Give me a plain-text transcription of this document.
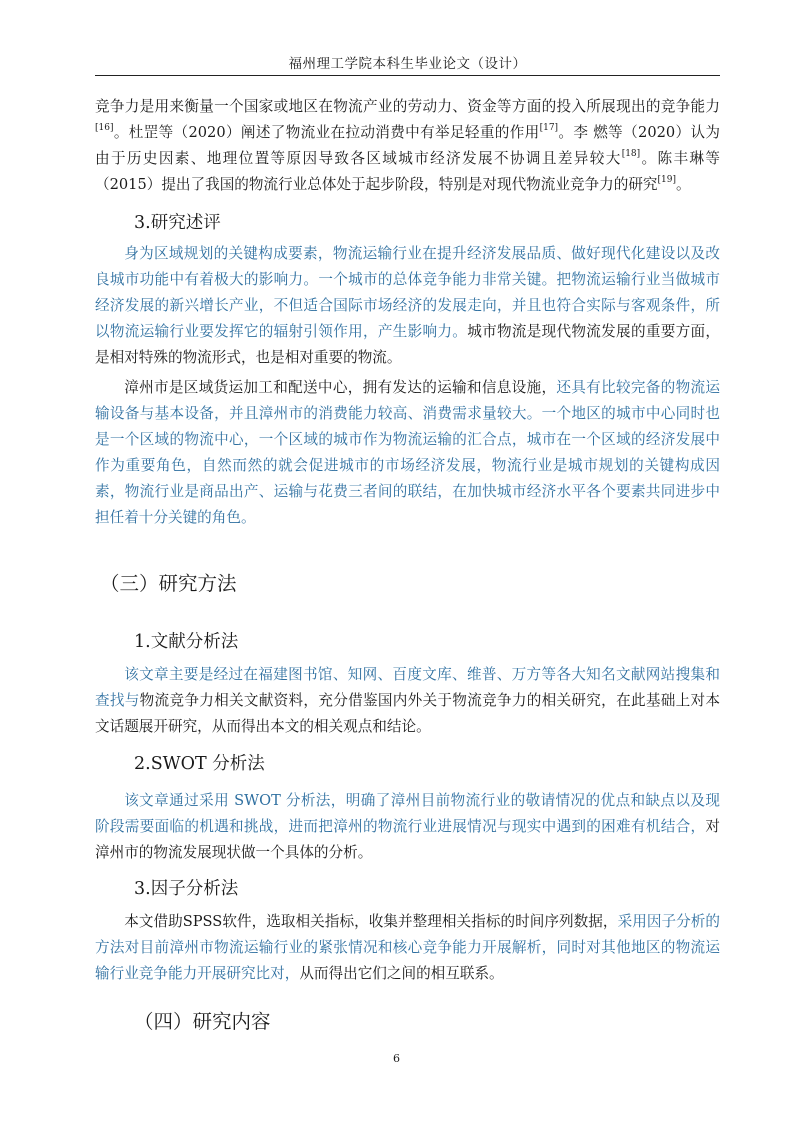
福州理工学院本科生毕业论文（设计）

竞争力是用来衡量一个国家或地区在物流产业的劳动力、资金等方面的投入所展现出的竞争能力[16]。杜罡等（2020）阐述了物流业在拉动消费中有举足轻重的作用[17]。李 燃等（2020）认为由于历史因素、地理位置等原因导致各区域城市经济发展不协调且差异较大[18]。陈丰琳等（2015）提出了我国的物流行业总体处于起步阶段，特别是对现代物流业竞争力的研究[19]。

3.研究述评

身为区域规划的关键构成要素，物流运输行业在提升经济发展品质、做好现代化建设以及改良城市功能中有着极大的影响力。一个城市的总体竞争能力非常关键。把物流运输行业当做城市经济发展的新兴增长产业，不但适合国际市场经济的发展走向，并且也符合实际与客观条件，所以物流运输行业要发挥它的辐射引领作用，产生影响力。城市物流是现代物流发展的重要方面，是相对特殊的物流形式，也是相对重要的物流。

漳州市是区域货运加工和配送中心，拥有发达的运输和信息设施，还具有比较完备的物流运输设备与基本设备，并且漳州市的消费能力较高、消费需求量较大。一个地区的城市中心同时也是一个区域的物流中心，一个区域的城市作为物流运输的汇合点，城市在一个区域的经济发展中作为重要角色，自然而然的就会促进城市的市场经济发展，物流行业是城市规划的关键构成因素，物流行业是商品出产、运输与花费三者间的联结，在加快城市经济水平各个要素共同进步中担任着十分关键的角色。

（三）研究方法
1.文献分析法

该文章主要是经过在福建图书馆、知网、百度文库、维普、万方等各大知名文献网站搜集和查找与物流竞争力相关文献资料，充分借鉴国内外关于物流竞争力的相关研究，在此基础上对本文话题展开研究，从而得出本文的相关观点和结论。

2.SWOT 分析法

该文章通过采用 SWOT 分析法，明确了漳州目前物流行业的敬请情况的优点和缺点以及现阶段需要面临的机遇和挑战，进而把漳州的物流行业进展情况与现实中遇到的困难有机结合，对漳州市的物流发展现状做一个具体的分析。

3.因子分析法

本文借助SPSS软件，选取相关指标，收集并整理相关指标的时间序列数据，采用因子分析的方法对目前漳州市物流运输行业的紧张情况和核心竞争能力开展解析，同时对其他地区的物流运输行业竞争能力开展研究比对，从而得出它们之间的相互联系。

（四）研究内容
6
